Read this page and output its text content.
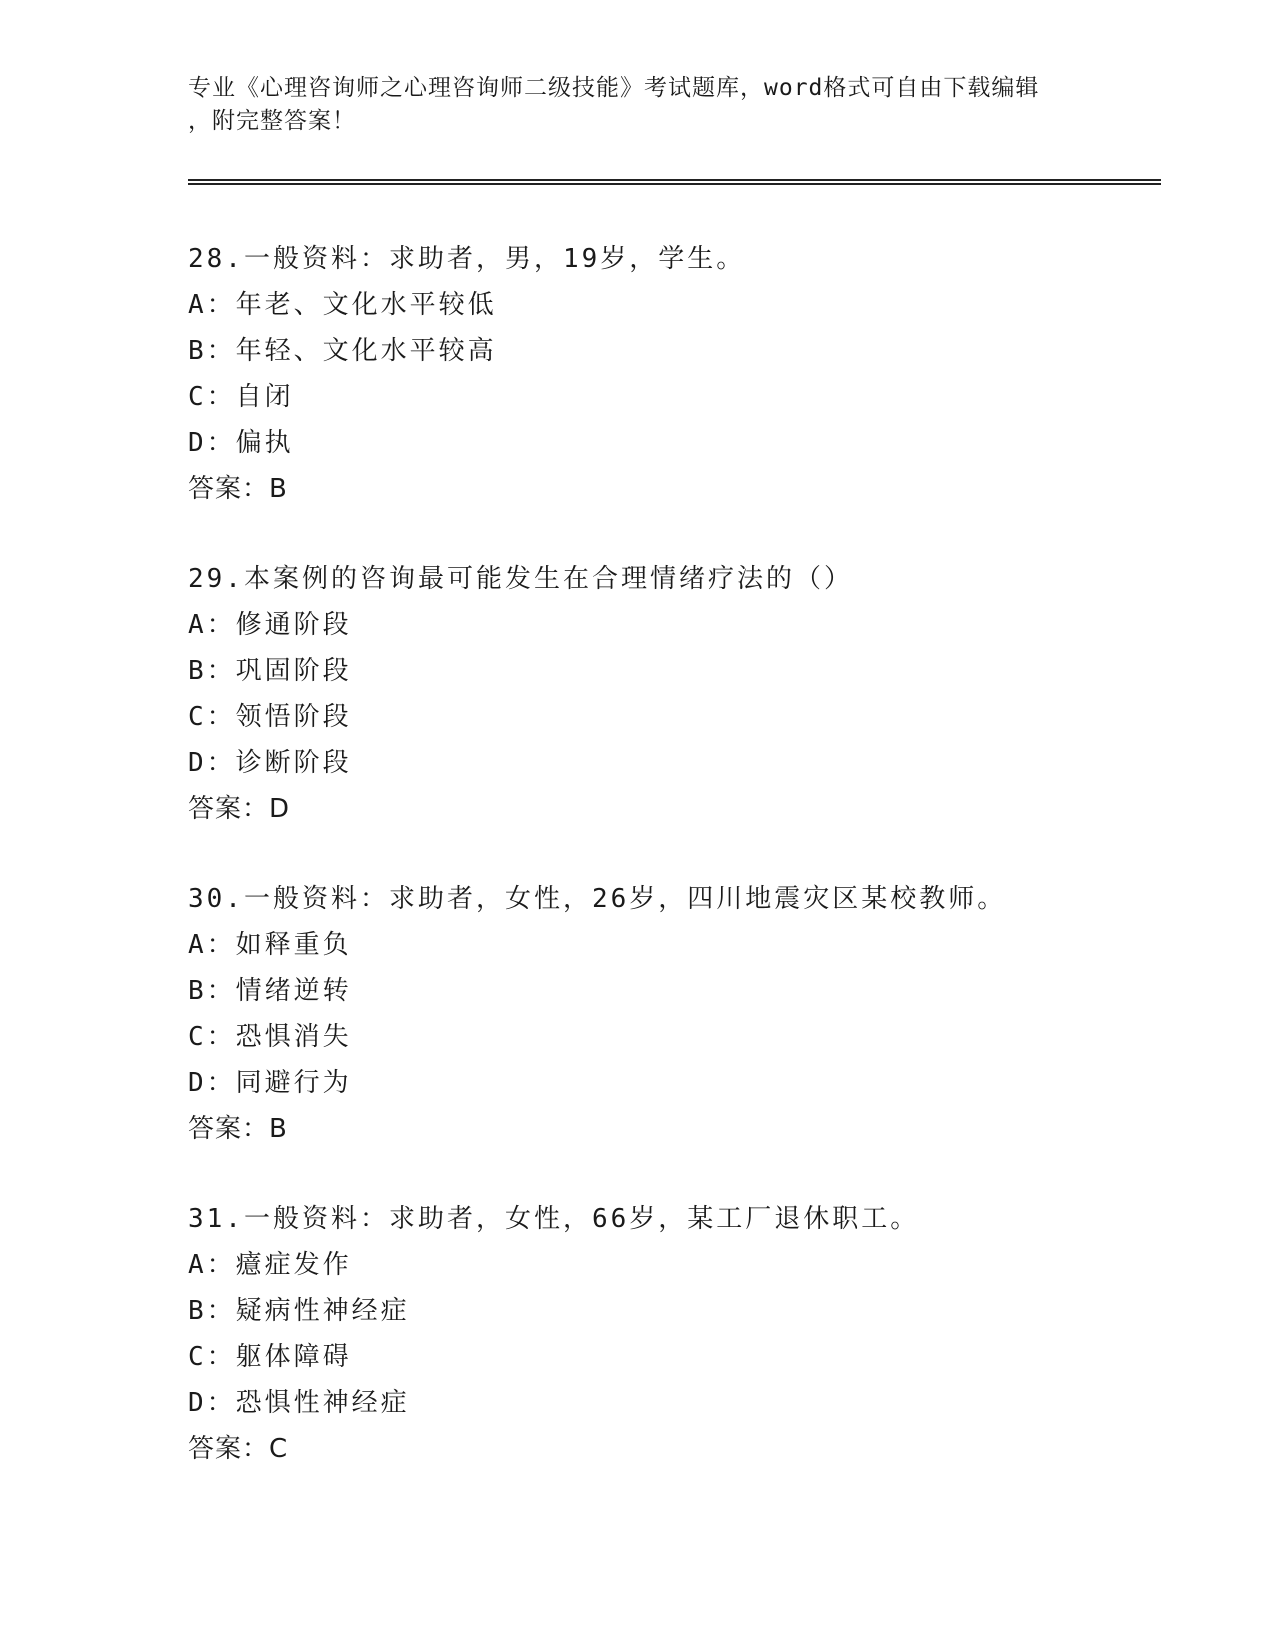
专业《心理咨询师之心理咨询师二级技能》考试题库，word格式可自由下载编辑
，附完整答案！
28.一般资料：求助者，男，19岁，学生。
A：年老、文化水平较低
B：年轻、文化水平较高
C：自闭
D：偏执
答案：B
29.本案例的咨询最可能发生在合理情绪疗法的（）
A：修通阶段
B：巩固阶段
C：领悟阶段
D：诊断阶段
答案：D
30.一般资料：求助者，女性，26岁，四川地震灾区某校教师。
A：如释重负
B：情绪逆转
C：恐惧消失
D：同避行为
答案：B
31.一般资料：求助者，女性，66岁，某工厂退休职工。
A：癔症发作
B：疑病性神经症
C：躯体障碍
D：恐惧性神经症
答案：C
